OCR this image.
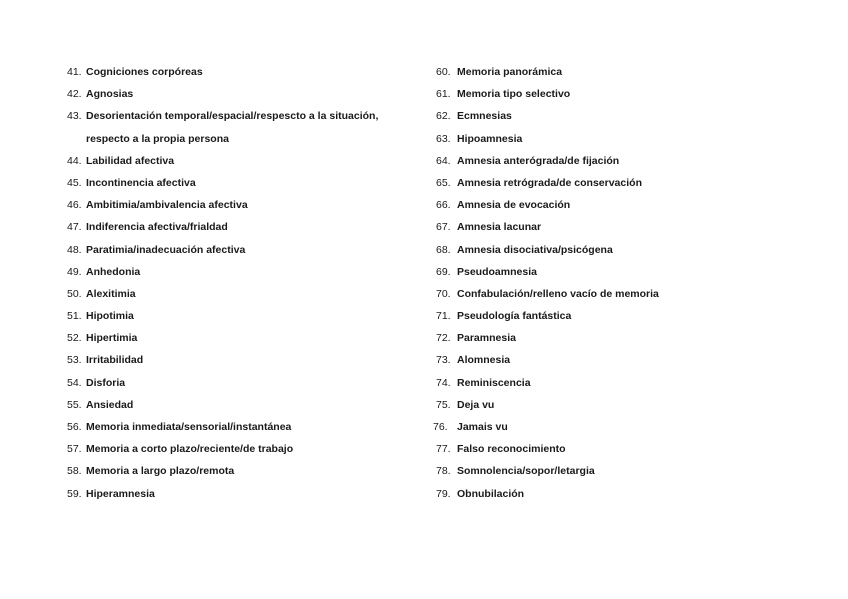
41. Cogniciones corpóreas
42. Agnosias
43. Desorientación temporal/espacial/respescto a la situación,
respecto a la propia persona
44. Labilidad afectiva
45. Incontinencia afectiva
46. Ambitimia/ambivalencia afectiva
47. Indiferencia afectiva/frialdad
48. Paratimia/inadecuación afectiva
49. Anhedonia
50. Alexitimia
51. Hipotimia
52. Hipertimia
53. Irritabilidad
54. Disforia
55. Ansiedad
56. Memoria inmediata/sensorial/instantánea
57. Memoria a corto plazo/reciente/de trabajo
58. Memoria a largo plazo/remota
59. Hiperamnesia
60. Memoria panorámica
61. Memoria tipo selectivo
62. Ecmnesias
63. Hipoamnesia
64. Amnesia anterógrada/de fijación
65. Amnesia retrógrada/de conservación
66. Amnesia de evocación
67. Amnesia lacunar
68. Amnesia disociativa/psicógena
69. Pseudoamnesia
70. Confabulación/relleno vacío de memoria
71. Pseudología fantástica
72. Paramnesia
73. Alomnesia
74. Reminiscencia
75. Deja vu
76. Jamais vu
77. Falso reconocimiento
78. Somnolencia/sopor/letargia
79. Obnubilación
